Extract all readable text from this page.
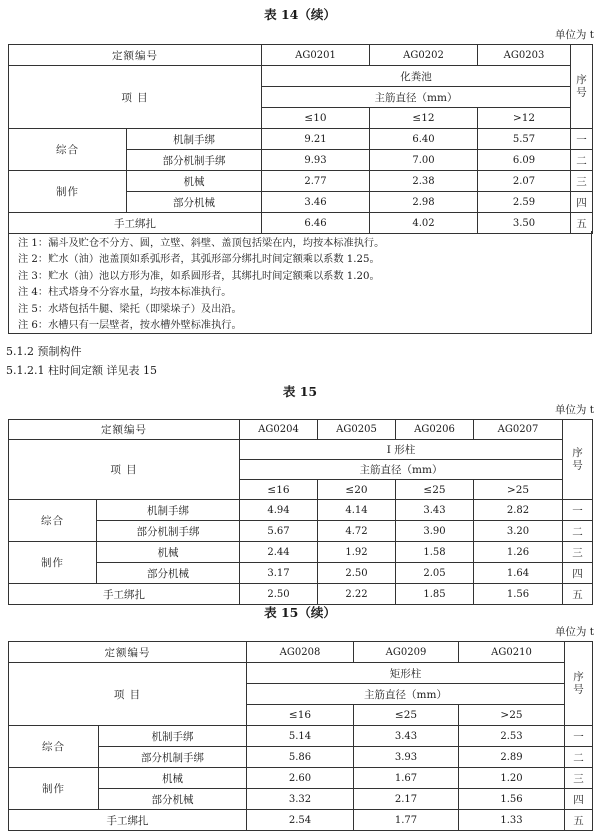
表 14（续）
单位为 t
定额编号		AG0201	AG0202	AG0203	序号
项 目		化粪池			
		主筋直径（mm）			
		≤10	≤12	>12	
综合	机制手绑	9.21	6.40	5.57	一
	部分机制手绑	9.93	7.00	6.09	二
制作	机械	2.77	2.38	2.07	三
	部分机械	3.46	2.98	2.59	四
手工绑扎		6.46	4.02	3.50	五
注 1：漏斗及贮仓不分方、圆，立壁、斜壁、盖顶包括梁在内，均按本标准执行。
注 2：贮水（油）池盖顶如系弧形者，其弧形部分绑扎时间定额乘以系数 1.25。
注 3：贮水（油）池以方形为准，如系圆形者，其绑扎时间定额乘以系数 1.20。
注 4：柱式塔身不分容水量，均按本标准执行。
注 5：水塔包括牛腿、梁托（即梁垛子）及出沿。
注 6：水槽只有一层壁者，按水槽外壁标准执行。
5.1.2 预制构件
5.1.2.1 柱时间定额 详见表 15
表 15
单位为 t
定额编号		AG0204	AG0205	AG0206	AG0207	序号
项 目		I 形柱				
		主筋直径（mm）				
		≤16	≤20	≤25	>25	
综合	机制手绑	4.94	4.14	3.43	2.82	一
	部分机制手绑	5.67	4.72	3.90	3.20	二
制作	机械	2.44	1.92	1.58	1.26	三
	部分机械	3.17	2.50	2.05	1.64	四
手工绑扎		2.50	2.22	1.85	1.56	五
表 15（续）
单位为 t
定额编号		AG0208	AG0209	AG0210	序号
项 目		矩形柱			
		主筋直径（mm）			
		≤16	≤25	>25	
综合	机制手绑	5.14	3.43	2.53	一
	部分机制手绑	5.86	3.93	2.89	二
制作	机械	2.60	1.67	1.20	三
	部分机械	3.32	2.17	1.56	四
手工绑扎		2.54	1.77	1.33	五
